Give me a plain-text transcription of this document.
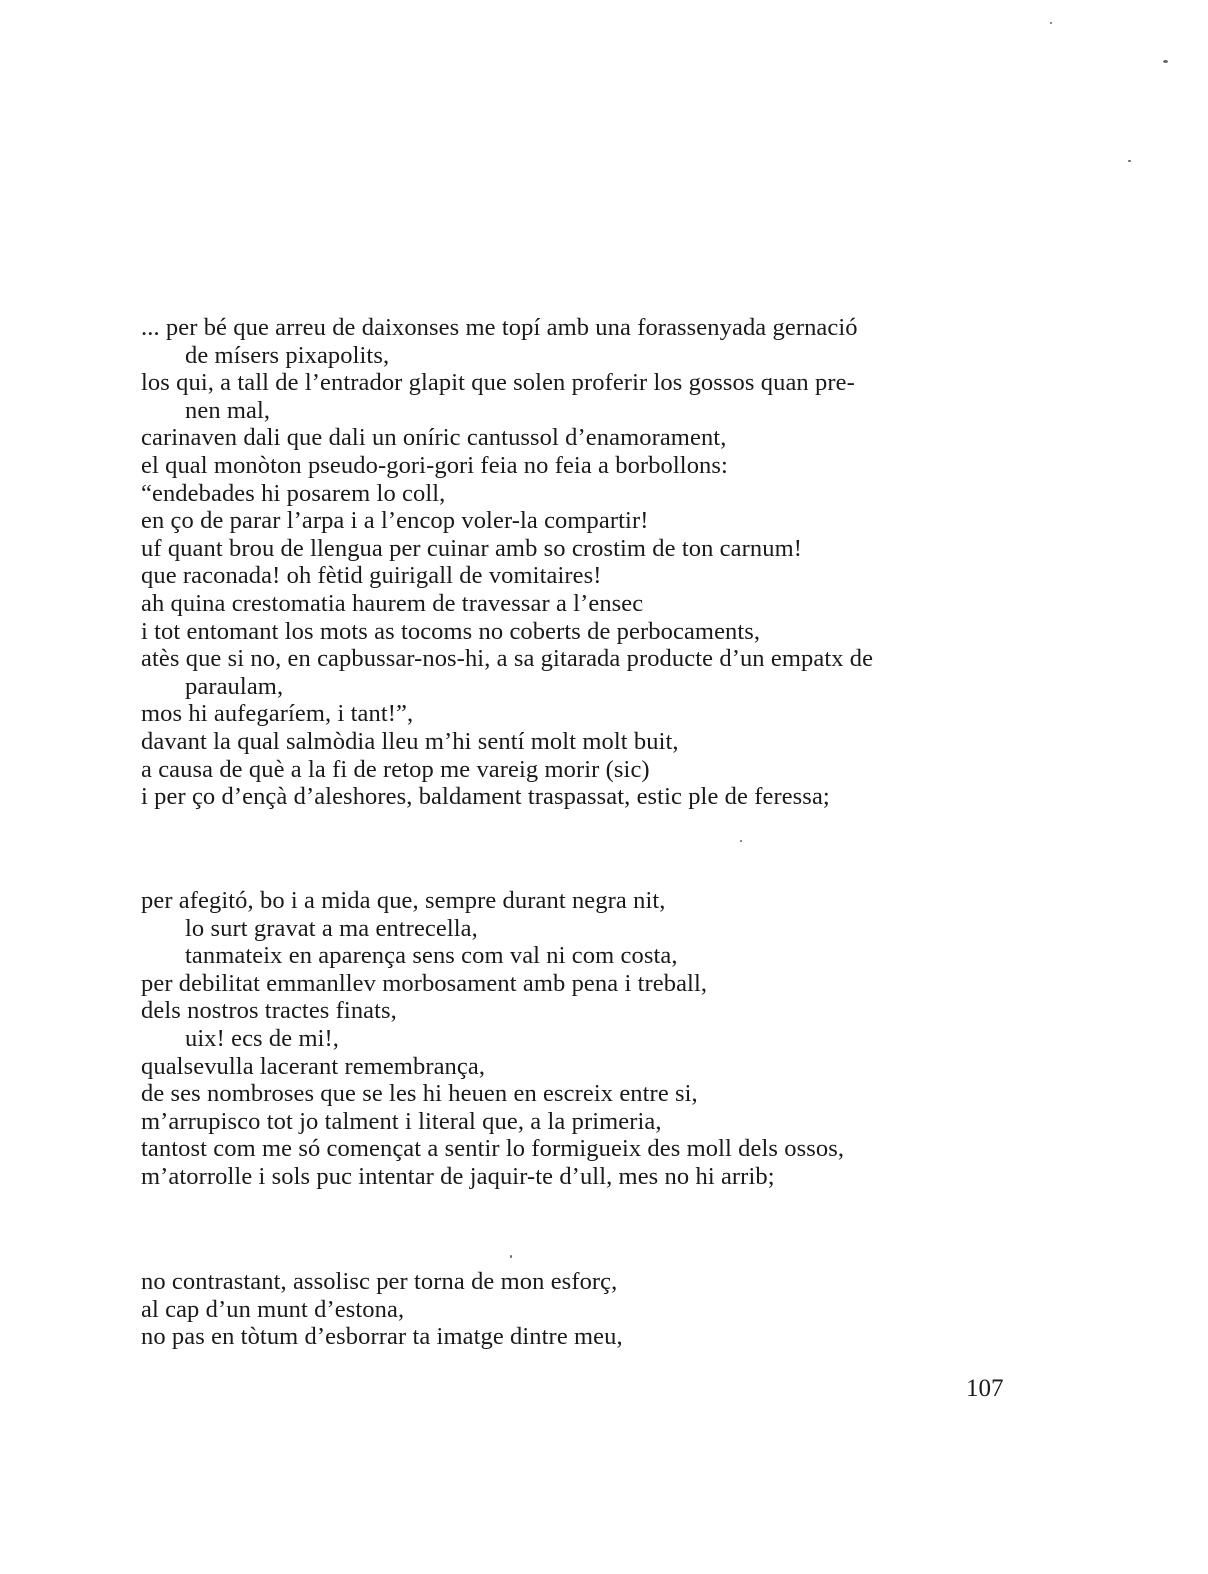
... per bé que arreu de daixonses me topí amb una forassenyada gernació
de mísers pixapolits,
los qui, a tall de l’entrador glapit que solen proferir los gossos quan pre-
nen mal,
carinaven dali que dali un oníric cantussol d’enamorament,
el qual monòton pseudo-gori-gori feia no feia a borbollons:
“endebades hi posarem lo coll,
en ço de parar l’arpa i a l’encop voler-la compartir!
uf quant brou de llengua per cuinar amb so crostim de ton carnum!
que raconada! oh fètid guirigall de vomitaires!
ah quina crestomatia haurem de travessar a l’ensec
i tot entomant los mots as tocoms no coberts de perbocaments,
atès que si no, en capbussar-nos-hi, a sa gitarada producte d’un empatx de
paraulam,
mos hi aufegaríem, i tant!”,
davant la qual salmòdia lleu m’hi sentí molt molt buit,
a causa de què a la fi de retop me vareig morir (sic)
i per ço d’ençà d’aleshores, baldament traspassat, estic ple de feressa;
per afegitó, bo i a mida que, sempre durant negra nit,
lo surt gravat a ma entrecella,
tanmateix en aparença sens com val ni com costa,
per debilitat emmanllev morbosament amb pena i treball,
dels nostros tractes finats,
uix! ecs de mi!,
qualsevulla lacerant remembrança,
de ses nombroses que se les hi heuen en escreix entre si,
m’arrupisco tot jo talment i literal que, a la primeria,
tantost com me só començat a sentir lo formigueix des moll dels ossos,
m’atorrolle i sols puc intentar de jaquir-te d’ull, mes no hi arrib;
no contrastant, assolisc per torna de mon esforç,
al cap d’un munt d’estona,
no pas en tòtum d’esborrar ta imatge dintre meu,
107
